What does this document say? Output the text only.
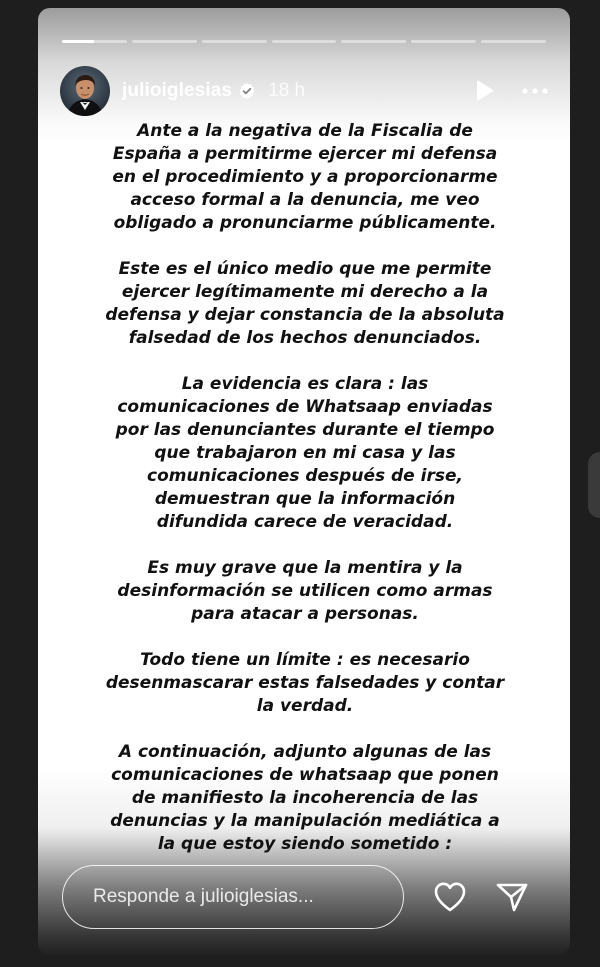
julioiglesias 18 h

Ante a la negativa de la Fiscalia de
España a permitirme ejercer mi defensa
en el procedimiento y a proporcionarme
acceso formal a la denuncia, me veo
obligado a pronunciarme públicamente.

Este es el único medio que me permite
ejercer legítimamente mi derecho a la
defensa y dejar constancia de la absoluta
falsedad de los hechos denunciados.

La evidencia es clara : las
comunicaciones de Whatsaap enviadas
por las denunciantes durante el tiempo
que trabajaron en mi casa y las
comunicaciones después de irse,
demuestran que la información
difundida carece de veracidad.

Es muy grave que la mentira y la
desinformación se utilicen como armas
para atacar a personas.

Todo tiene un límite : es necesario
desenmascarar estas falsedades y contar
la verdad.

A continuación, adjunto algunas de las
comunicaciones de whatsaap que ponen
de manifiesto la incoherencia de las
denuncias y la manipulación mediática a
la que estoy siendo sometido :

Responde a julioiglesias...
